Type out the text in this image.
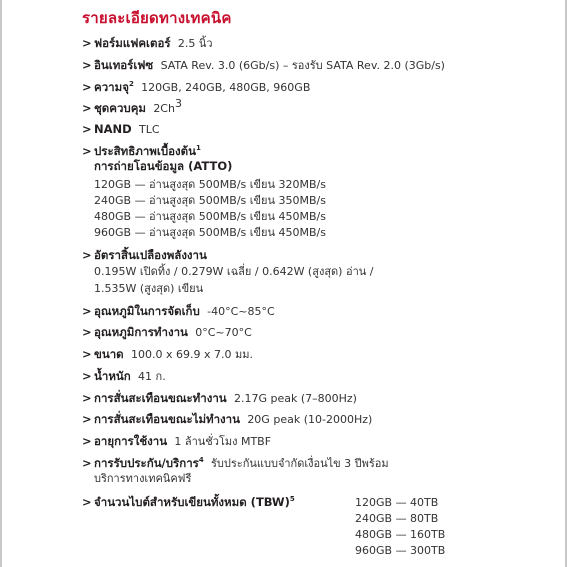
รายละเอียดทางเทคนิค
> ฟอร์มแฟคเตอร์ 2.5 นิ้ว
> อินเทอร์เฟซ SATA Rev. 3.0 (6Gb/s) – รองรับ SATA Rev. 2.0 (3Gb/s)
> ความจุ$^2$ 120GB, 240GB, 480GB, 960GB
> ชุดควบคุม $2Ch^3$
> NAND TLC
> ประสิทธิภาพเบื้องต้น$^1$
การถ่ายโอนข้อมูล (ATTO)
120GB — อ่านสูงสุด 500MB/s เขียน 320MB/s
240GB — อ่านสูงสุด 500MB/s เขียน 350MB/s
480GB — อ่านสูงสุด 500MB/s เขียน 450MB/s
960GB — อ่านสูงสุด 500MB/s เขียน 450MB/s
> อัตราสิ้นเปลืองพลังงาน
0.195W เปิดทิ้ง / 0.279W เฉลี่ย / 0.642W (สูงสุด) อ่าน /
1.535W (สูงสุด) เขียน
> อุณหภูมิในการจัดเก็บ -40°C~85°C
> อุณหภูมิการทำงาน 0°C~70°C
> ขนาด 100.0 x 69.9 x 7.0 มม.
> น้ำหนัก 41 ก.
> การสั่นสะเทือนขณะทำงาน 2.17G peak (7–800Hz)
> การสั่นสะเทือนขณะไม่ทำงาน 20G peak (10-2000Hz)
> อายุการใช้งาน 1 ล้านชั่วโมง MTBF
> การรับประกัน/บริการ$^4$ รับประกันแบบจำกัดเงื่อนไข 3 ปีพร้อม
บริการทางเทคนิคฟรี
> จำนวนไบต์สำหรับเขียนทั้งหมด (TBW)$^5$	120GB — 40TB
240GB — 80TB
480GB — 160TB
960GB — 300TB
